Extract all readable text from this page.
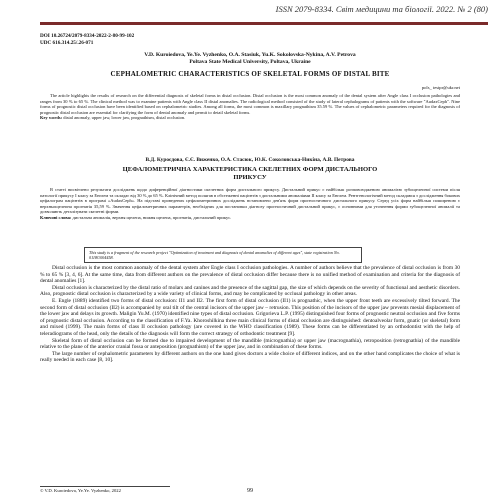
ISSN 2079-8334. Світ медицини та біології. 2022. № 2 (80)
DOI 10.26724/2079-8334-2022-2-80-99-102
UDC 616.314.25/.26-071
V.D. Kuroiedova, Ye.Ye. Vyzhenko, O.A. Stasiuk, Yu.K. Sokolovska-Nykina, A.V. Petrova
Poltava State Medical University, Poltava, Ukraine
CEPHALOMETRIC CHARACTERISTICS OF SKELETAL FORMS OF DISTAL BITE
pols_ testpr@ukr.net
The article highlights the results of research on the differential diagnosis of skeletal forms in distal occlusion. Distal occlusion is the most common anomaly of the dental system after Angle class I occlusion pathologies and ranges from 30 % to 65 %. The clinical method was to examine patients with Angle class II distal anomalies. The radiological method consisted of the study of lateral cephalograms of patients with the software "AudaxCeph". Nine forms of prognostic distal occlusion have been identified based on cephalometric studies. Among all forms, the most common is maxillary prognathism 35.59 %. The values of cephalometric parameters required for the diagnosis of prognostic distal occlusion are essential for clarifying the form of dental anomaly and permit to detail skeletal forms.
Key words: distal anomaly, upper jaw, lower jaw, prognathism, distal occlusion.
В.Д. Куроєдова, Є.Є. Виженко, О.А. Стасюк, Ю.К. Соколовська-Никіна, А.В. Петрова
ЦЕФАЛОМЕТРИЧНА ХАРАКТЕРИСТИКА СКЕЛЕТНИХ ФОРМ ДИСТАЛЬНОГО ПРИКУСУ
В статті висвітлено результати досліджень щодо диференційної діагностики скелетних форм дистального прикусу. Дистальний прикус є найбільш розповсюдженою аномалією зубощелепної системи після патології прикусу І класу за Енглем та складає від 30 % до 65 %. Клінічний метод полягав в обстеженні пацієнтів з дистальними аномаліями ІІ класу за Енглем. Рентгенологічний метод складався з дослідження бокових цефалограм пацієнтів в програмі «AudaxCeph». На підставі проведених цефалометричних досліджень встановлено дев'ять форм прогностичного дистального прикусу. Серед усіх форм найбільш поширеною є верхньощелепна прогнатія 35,59 %. Значення цефалометричних параметрів, необхідних для постановки діагнозу прогностичний дистальний прикус, є основними для уточнення форми зубощелепної аномалії та дозволяють деталізувати скелетні форми.
Ключові слова: дистальна аномалія, верхня щелепа, нижня щелепа, прогнатія, дистальний прикус.
This study is a fragment of the research project "Optimization of treatment and diagnosis of dental anomalies of different ages", state registration No. 0118U004458.

Distal occlusion is the most common anomaly of the dental system after Engle class I occlusion pathologies. A number of authors believe that the prevalence of distal occlusion is from 30 % to 65 % [3, 4, 6]. At the same time, data from different authors on the prevalence of distal occlusion differ because there is no unified method of examination and criteria for the diagnosis of dental anomalies [1].

Distal occlusion is characterized by the distal ratio of molars and canines and the presence of the sagittal gap, the size of which depends on the severity of functional and aesthetic disorders. Also, prognostic distal occlusion is characterized by a wide variety of clinical forms, and may be complicated by occlusal pathology in other areas.

E. Engle (1889) identified two forms of distal occlusion: II1 and II2. The first form of distal occlusion (II1) is prognathic, when the upper front teeth are excessively tilted forward. The second form of distal occlusion (II2) is accompanied by oral tilt of the central incisors of the upper jaw – retrusion. This position of the incisors of the upper jaw prevents mesial displacement of the lower jaw and delays its growth. Maligin Yu.M. (1970) identified nine types of distal occlusion. Grigorieva L.P. (1995) distinguished four forms of prognostic neutral occlusion and five forms of prognostic distal occlusion. According to the classification of F.Ya. Khoroshilkina three main clinical forms of distal occlusion are distinguished: dentoalveolar form, gnatic (or skeletal) form and mixed (1999). The main forms of class II occlusion pathology (are covered in the WHO classification (1989). These forms can be differentiated by an orthodontist with the help of teleradiograms of the head, only the details of the diagnosis will form the correct strategy of orthodontic treatment [9].

Skeletal form of distal occlusion can be formed due to impaired development of the mandible (micrognathia) or upper jaw (macrognathia), retroposition (retrognathia) of the mandible relative to the plane of the anterior cranial fossa or anteposition (prognathism) of the upper jaw, and in combination of these forms.

The large number of cephalometric parameters by different authors on the one hand gives doctors a wide choice of different indices, and on the other hand complicates the choice of what is really needed in each case [8, 10].

© V.D. Kuroiedova, Ye.Ye. Vyzhenko, 2022	99
